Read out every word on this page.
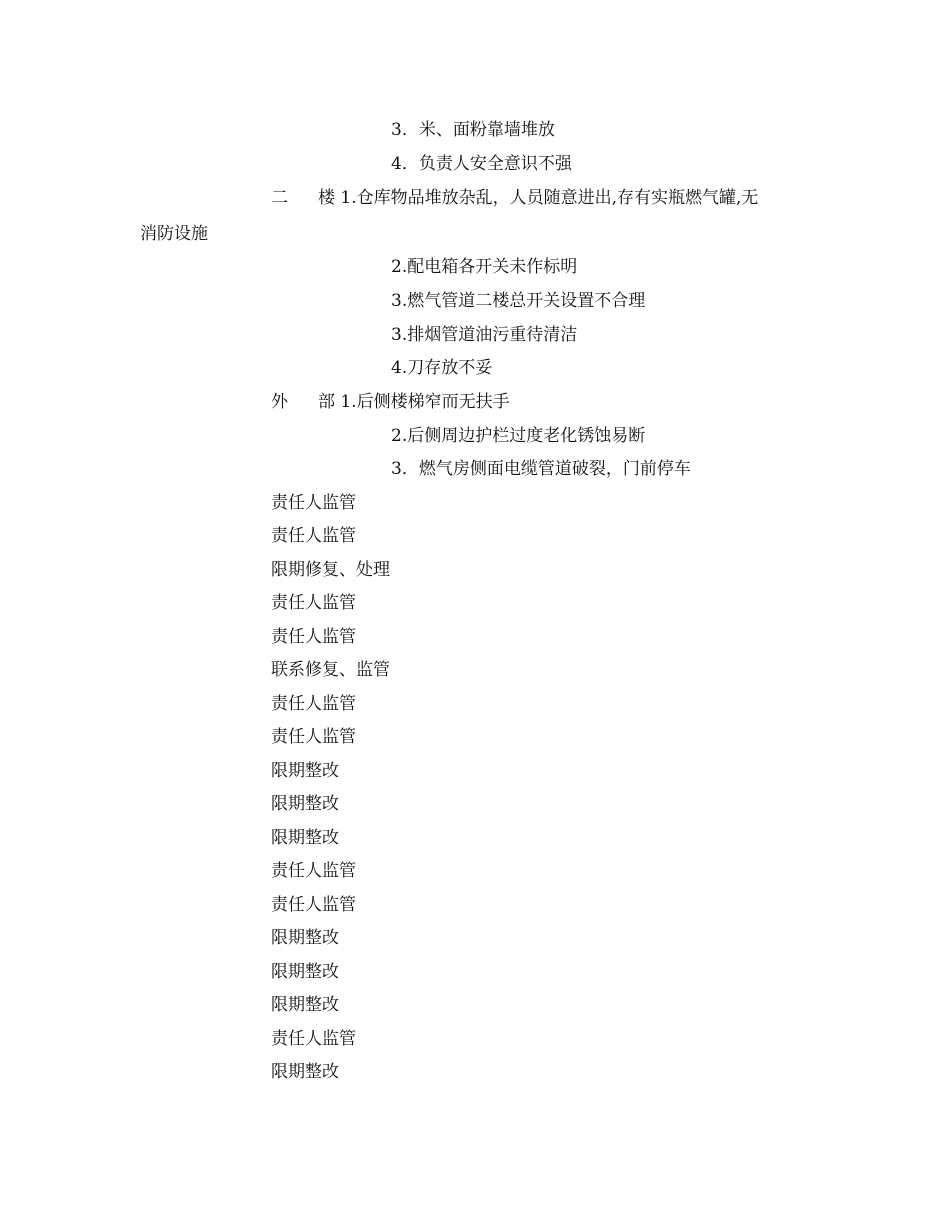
3．米、面粉靠墙堆放
4．负责人安全意识不强
二 楼 1.仓库物品堆放杂乱，人员随意进出,存有实瓶燃气罐,无
消防设施
2.配电箱各开关未作标明
3.燃气管道二楼总开关设置不合理
3.排烟管道油污重待清洁
4.刀存放不妥
外 部 1.后侧楼梯窄而无扶手
2.后侧周边护栏过度老化锈蚀易断
3．燃气房侧面电缆管道破裂，门前停车
责任人监管
责任人监管
限期修复、处理
责任人监管
责任人监管
联系修复、监管
责任人监管
责任人监管
限期整改
限期整改
限期整改
责任人监管
责任人监管
限期整改
限期整改
限期整改
责任人监管
限期整改
